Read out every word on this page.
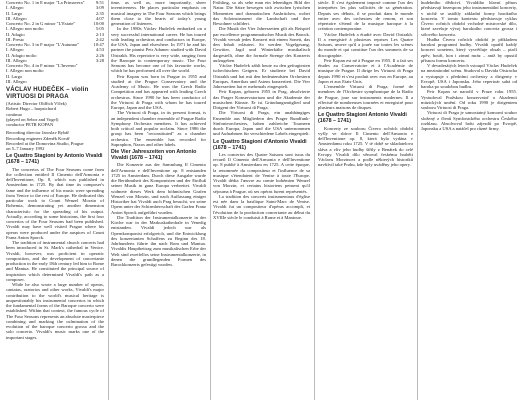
Concerto No. 1 in E major "La Primavera" 9:51
I. Allegro	3:09
II. Largo	2:35
III. Allegro	4:07
Concerto No. 2 in G minor "L'Estate"	10:00
I. Allegro non molto	5:05
II. Adagio	2:13
III. Presto	2:42
Concerto No. 3 in F major "L'Autunno"	10:47
I. Allegro	4:53
II. Adagio molto	2:26
III. Allegro	3:28
Concerto No. 4 in F minor "L'Inverno"
I. Allegro non molto
II. Largo
III. Allegro
VÁCLAV HUDEČEK – violin
VIRTUOSI DI PRAGA

(Artistic Director Oldřich Vlček)

Robert Hugo – harpsichord

continuo

(played on Sebor and Vogel)

conductor PETR KOPAN

Recording director Jaroslav Rybář

Recording engineer Zdeněk Kovář

Recorded at the Domovina Studio, Prague

on 5–7 January 1992

Le Quattro Stagioni by Antonio Vivaldi (1678 – 1741)

The concertos of The Four Seasons come from the collection entitled Il Cimento dell'Armonia e dell'Inventione, Op. 8, which was published in Amsterdam in 1725. By that time its composer's fame and the influence of his music were spreading from Venice to the rest of Europe. He dedicated this particular work to Count Wenzel Morzin of Bohemia, demonstrating yet another dimension characteristic for the spreading of his output. Actually, according to some historians, the first four concertos of the Four Seasons had been published. Vivaldi may have well visited Prague where his operas were produced under the auspices of Count Franz Anton Sporck.

The tradition of instrumental church concerts had been introduced in St. Mark's cathedral in Venice. Vivaldi, however, was proficient in operatic composition, and the development of concertante production in the early 18th century led him to Rome and Mantua. He constituted the principal source of inspiration which determined Vivaldi's path as a composer.

While he also wrote a large number of operas, cantatas, oratorios and other works, Vivaldi's major contribution to the world's musical heritage is unquestionably his instrumental concertos in which the fundamental forms of the Baroque concerto were established. Within that context, the famous cycle of The Four Seasons represents an absolute masterpiece combining and marking the culmination of the evolution of the baroque concerto grosso and the solo concerto. Vivaldi's music marks one of the important stages.

time, as well as, more importantly, sheer inventiveness. He places particular emphasis on musical imagery in The Four Seasons which brings them close to the hearts of today's young generation of listeners.

In the 1980s Václav Hudeček embarked on a very successful international career. He has toured with leading orchestras and conductors in Europe, the USA, Japan and elsewhere. In 1971 he and his partner the pianist Petr Adamec studied with David Oistrakh. His repertoire is very wide, ranging from the Baroque to contemporary music. The Four Seasons has become one of his favourite works, which he has performed all over the world.

Petr Kopan was born in Prague in 1955 and studied at the Prague Conservatory and the Academy of Music. He won the Czech Radio Competition and has appeared with leading Czech orchestras. Since 1990 he has been conductor of the Virtuosi di Praga with whom he has toured Europe, Japan and the USA.

The Virtuosi di Praga, in its present format, is an independent chamber ensemble of Prague Radio Symphony Orchestra members. It has achieved both critical and popular acclaim. Since 1986 the group has been "reconstituted" as a chamber orchestra. The ensemble has recorded for Supraphon, Naxos and other labels.

Die Vier Jahreszeiten von Antonio Vivaldi (1678 – 1741)

Die Konzerte aus der Sammlung Il Cimento dell'Armonia e dell'Inventione op. 8 entstanden 1725 in Amsterdam. Durch diese Ausgabe wurde die Berühmtheit des Komponisten und der Einfluß seiner Musik in ganz Europa verbreitet. Vivaldi widmete dieses Werk dem böhmischen Grafen Wenzel von Morzin, und nach Auffassung einiger Historiker hat Vivaldi auch Prag besucht, wo seine Opern unter der Schirmherrschaft des Grafen Franz Anton Sporck aufgeführt wurden.

Die Tradition der Instrumentalkonzerte in der Kirche war in der Markuskathedrale in Venedig entstanden. Vivaldi jedoch war als Opernkomponist erfolgreich, und die Entwicklung des konzertanten Schaffens zu Beginn des 18. Jahrhunderts führte ihn nach Rom und Mantua. Vivaldis Hauptbeitrag zum musikalischen Erbe der Welt sind zweifellos seine Instrumentalkonzerte, in denen die grundlegenden Formen des Barockkonzerts gefestigt wurden.

Frühling, so als sehe man ein lebendiges Bild der Natur. Die Sätze bewegen sich zwischen lyrischen Momenten und dramatischen Ausbrüchen, wobei das Soloinstrument die Landschaft und ihre Bewohner schildert.

Die Musik der Vier Jahreszeiten gilt als Beispiel par excellence programmatischer Musik des Barock. Vivaldi versah jedes Konzert mit einem Sonett, das den Inhalt erläutert. So werden Vogelgesang, Gewitter, Jagd und Winterkälte musikalisch dargestellt, ohne die formale Strenge des Konzerts aufzugeben.

Václav Hudeček zählt heute zu den gefragtesten tschechischen Geigern. Er studierte bei David Oistrakh und hat mit den bedeutendsten Orchestern Europas, Amerikas und Asiens konzertiert. Die Vier Jahreszeiten hat er mehrmals eingespielt.

Petr Kopan, geboren 1955 in Prag, absolvierte das Prager Konservatorium und die Akademie der musischen Künste. Er ist Gründungsmitglied und Dirigent der Virtuosi di Praga.

Die Virtuosi di Praga, ein unabhängiges Ensemble aus Mitgliedern des Prager Rundfunk-Sinfonieorchesters, haben zahlreiche Tourneen durch Europa, Japan und die USA unternommen und Aufnahmen für verschiedene Labels eingespielt.

Le Quattro Stagioni d'Antonio Vivaldi (1678 – 1741)

Les concertos des Quatre Saisons sont issus du recueil Il Cimento dell'Armonia e dell'Inventione op. 8 publié à Amsterdam en 1725. A cette époque, la renommée du compositeur et l'influence de sa musique s'étendaient de Venise à toute l'Europe. Vivaldi dédia l'œuvre au comte bohémien Wenzel von Morzin, et certains historiens pensent qu'il séjourna à Prague, où ses opéras furent représentés.

La tradition des concerts instrumentaux d'église est née dans la basilique Saint-Marc de Venise. Vivaldi fut un compositeur d'opéras accompli, et l'évolution de la production concertante au début du XVIIIe siècle le conduisit à Rome et à Mantoue.

siècle. Il s'est également imposé comme l'un des interprètes les plus sollicités de sa génération. Depuis ses débuts, il se produit dans le monde entier avec des orchestres de renom, et son répertoire s'étend de la musique baroque à la création contemporaine.

Václav Hudeček a étudié avec David Oistrakh. Il a enregistré à plusieurs reprises Les Quatre Saisons, œuvre qu'il a jouée sur toutes les scènes du monde et qui constitue l'un des sommets de sa discographie.

Petr Kopan est né à Prague en 1955. Il a fait ses études au Conservatoire et à l'Académie de musique de Prague. Il dirige les Virtuosi di Praga depuis 1990 et s'est produit avec eux en Europe, au Japon et aux Etats-Unis.

L'ensemble Virtuosi di Praga, formé de membres de l'Orchestre symphonique de la Radio de Prague, joue sur instruments modernes. Il a effectué de nombreuses tournées et enregistré pour plusieurs maisons de disques.

Le Quattro Stagioni Antonio Vivaldi (1678 – 1741)

Koncerty ze souboru Čtvero ročních období vyšly ve sbírce Il Cimento dell'Armonia e dell'Inventione op. 8, která byla vydána v Amsterdamu roku 1725. V té době se skladatelova sláva a vliv jeho hudby šířily z Benátek do celé Evropy. Vivaldi dílo věnoval českému hraběti Václavu Morzinovi a podle některých historiků navštívil také Prahu, kde byly uváděny jeho opery.

hudebního dědictví. Vivaldiho hlavní přínos představují bezesporu jeho instrumentální koncerty, v nichž se ustálily základní formy barokního koncertu. V tomto kontextu představuje cyklus Čtvero ročních období vrcholné mistrovské dílo, které završuje vývoj barokního concerta grossa i sólového koncertu.

Hudba Čtvera ročních období je příkladem barokní programní hudby. Vivaldi opatřil každý koncert sonetem, který vysvětluje obsah – ptačí zpěv, bouři, hon i zimní mráz – aniž by opustil přísnou formu koncertu.

V devadesátých letech vstoupil Václav Hudeček na mezinárodní scénu. Studoval u Davida Oistracha a vystupuje s předními orchestry a dirigenty v Evropě, USA i Japonsku. Jeho repertoár sahá od baroka po soudobou hudbu.

Petr Kopan se narodil v Praze roku 1955. Vystudoval Pražskou konzervatoř a Akademii múzických umění. Od roku 1990 je dirigentem souboru Virtuosi di Praga.

Virtuosi di Praga je samostatný komorní soubor složený z členů Symfonického orchestru Českého rozhlasu. Absolvoval řadu zájezdů po Evropě, Japonsku a USA a natáčel pro různé firmy.
